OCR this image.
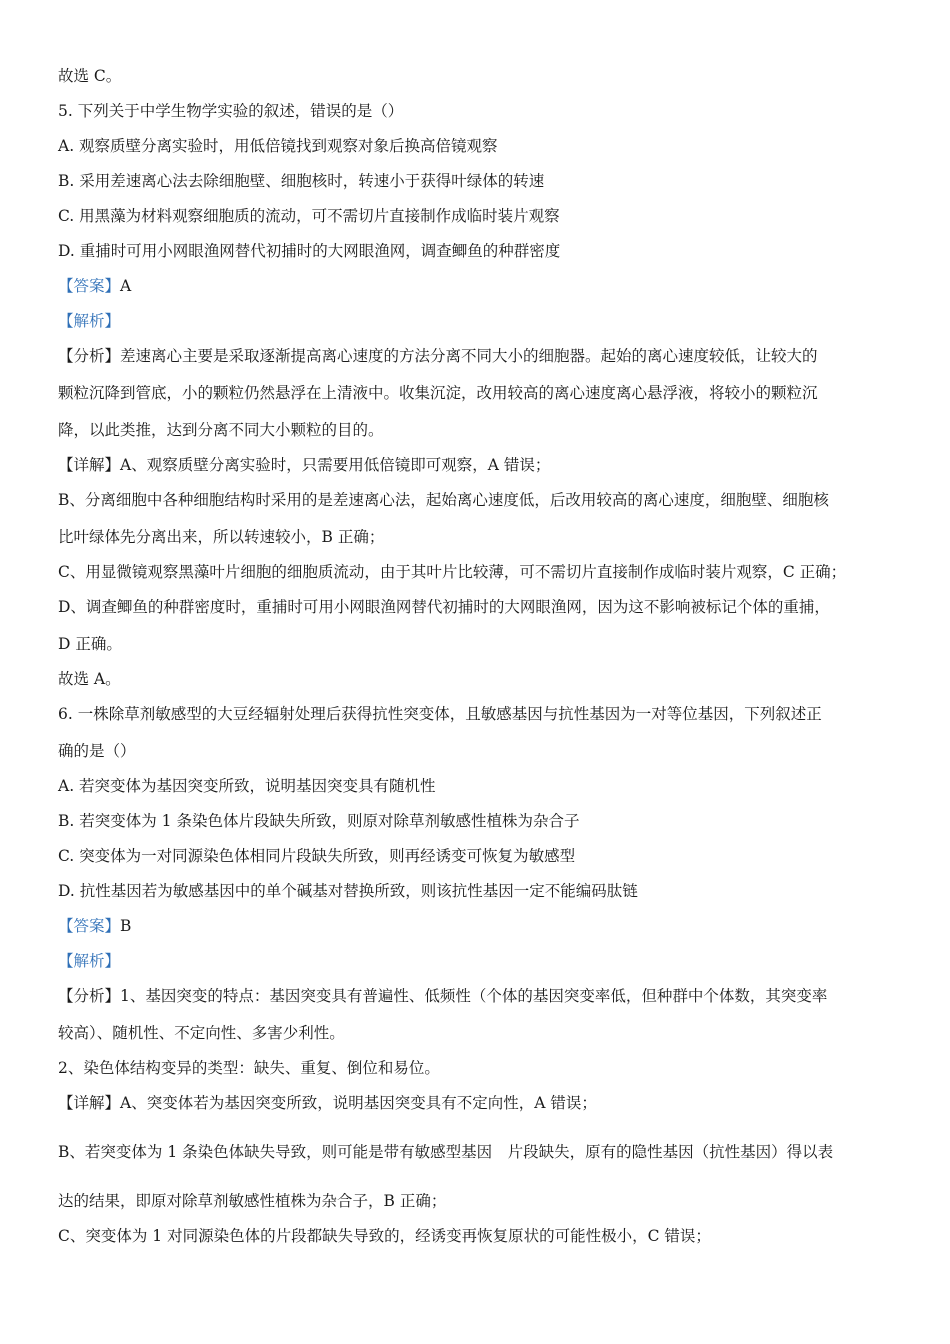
故选 C。
5. 下列关于中学生物学实验的叙述，错误的是（）
A. 观察质壁分离实验时，用低倍镜找到观察对象后换高倍镜观察
B. 采用差速离心法去除细胞壁、细胞核时，转速小于获得叶绿体的转速
C. 用黑藻为材料观察细胞质的流动，可不需切片直接制作成临时装片观察
D. 重捕时可用小网眼渔网替代初捕时的大网眼渔网，调查鲫鱼的种群密度
【答案】A
【解析】
【分析】差速离心主要是采取逐渐提高离心速度的方法分离不同大小的细胞器。起始的离心速度较低，让较大的
颗粒沉降到管底，小的颗粒仍然悬浮在上清液中。收集沉淀，改用较高的离心速度离心悬浮液，将较小的颗粒沉
降，以此类推，达到分离不同大小颗粒的目的。
【详解】A、观察质壁分离实验时，只需要用低倍镜即可观察，A 错误；
B、分离细胞中各种细胞结构时采用的是差速离心法，起始离心速度低，后改用较高的离心速度，细胞壁、细胞核
比叶绿体先分离出来，所以转速较小，B 正确；
C、用显微镜观察黑藻叶片细胞的细胞质流动，由于其叶片比较薄，可不需切片直接制作成临时装片观察，C 正确；
D、调查鲫鱼的种群密度时，重捕时可用小网眼渔网替代初捕时的大网眼渔网，因为这不影响被标记个体的重捕，
D 正确。
故选 A。
6. 一株除草剂敏感型的大豆经辐射处理后获得抗性突变体，且敏感基因与抗性基因为一对等位基因，下列叙述正
确的是（）
A. 若突变体为基因突变所致，说明基因突变具有随机性
B. 若突变体为 1 条染色体片段缺失所致，则原对除草剂敏感性植株为杂合子
C. 突变体为一对同源染色体相同片段缺失所致，则再经诱变可恢复为敏感型
D. 抗性基因若为敏感基因中的单个碱基对替换所致，则该抗性基因一定不能编码肽链
【答案】B
【解析】
【分析】1、基因突变的特点：基因突变具有普遍性、低频性（个体的基因突变率低，但种群中个体数，其突变率
较高）、随机性、不定向性、多害少利性。
2、染色体结构变异的类型：缺失、重复、倒位和易位。
【详解】A、突变体若为基因突变所致，说明基因突变具有不定向性，A 错误；
B、若突变体为 1 条染色体缺失导致，则可能是带有敏感型基因　片段缺失，原有的隐性基因（抗性基因）得以表
达的结果，即原对除草剂敏感性植株为杂合子，B 正确；
C、突变体为 1 对同源染色体的片段都缺失导致的，经诱变再恢复原状的可能性极小，C 错误；
